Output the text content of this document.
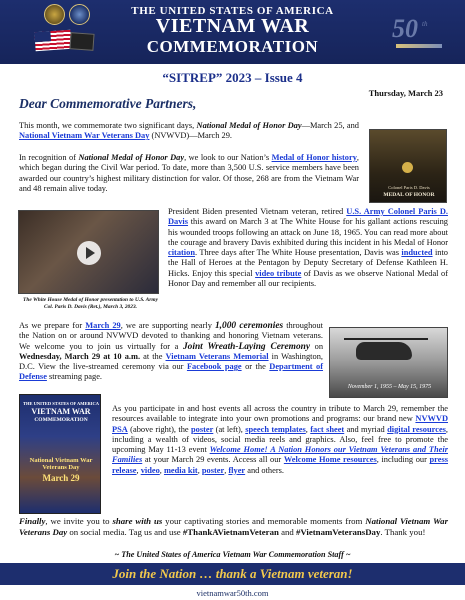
THE UNITED STATES OF AMERICA
VIETNAM WAR
COMMEMORATION
50 th
“SITREP” 2023 – Issue 4
Thursday, March 23
Dear Commemorative Partners,
This month, we commemorate two significant days, National Medal of Honor Day—March 25, and National Vietnam War Veterans Day (NVWVD)—March 29.
In recognition of National Medal of Honor Day, we look to our Nation’s Medal of Honor history, which began during the Civil War period. To date, more than 3,500 U.S. service members have been awarded our country’s highest military distinction for valor. Of those, 268 are from the Vietnam War and 48 remain alive today.	Colonel Paris D. Davis
MEDAL OF HONOR
The White House Medal of Honor presentation to U.S. Army Col. Paris D. Davis (Ret.), March 3, 2023.
President Biden presented Vietnam veteran, retired U.S. Army Colonel Paris D. Davis this award on March 3 at The White House for his gallant actions rescuing his wounded troops following an attack on June 18, 1965. You can read more about the courage and bravery Davis exhibited during this incident in his Medal of Honor citation. Three days after The White House presentation, Davis was inducted into the Hall of Heroes at the Pentagon by Deputy Secretary of Defense Kathleen H. Hicks. Enjoy this special video tribute of Davis as we observe National Medal of Honor Day and remember all our recipients.
As we prepare for March 29, we are supporting nearly 1,000 ceremonies throughout the Nation on or around NVWVD devoted to thanking and honoring Vietnam veterans. We welcome you to join us virtually for a Joint Wreath-Laying Ceremony on Wednesday, March 29 at 10 a.m. at the Vietnam Veterans Memorial in Washington, D.C. View the live-streamed ceremony via our Facebook page or the Department of Defense streaming page.
November 1, 1955 – May 15, 1975
THE UNITED STATES OF AMERICA
VIETNAM WAR
COMMEMORATION
National Vietnam War Veterans Day
March 29
As you participate in and host events all across the country in tribute to March 29, remember the resources available to integrate into your own promotions and programs: our brand new NVWVD PSA (above right), the poster (at left), speech templates, fact sheet and myriad digital resources, including a wealth of videos, social media reels and graphics. Also, feel free to promote the upcoming May 11-13 event Welcome Home! A Nation Honors our Vietnam Veterans and Their Families at your March 29 events. Access all our Welcome Home resources, including our press release, video, media kit, poster, flyer and others.
Finally, we invite you to share with us your captivating stories and memorable moments from National Vietnam War Veterans Day on social media. Tag us and use #ThankAVietnamVeteran and #VietnamVeteransDay. Thank you!
~ The United States of America Vietnam War Commemoration Staff ~
Join the Nation … thank a Vietnam veteran!
vietnamwar50th.com
